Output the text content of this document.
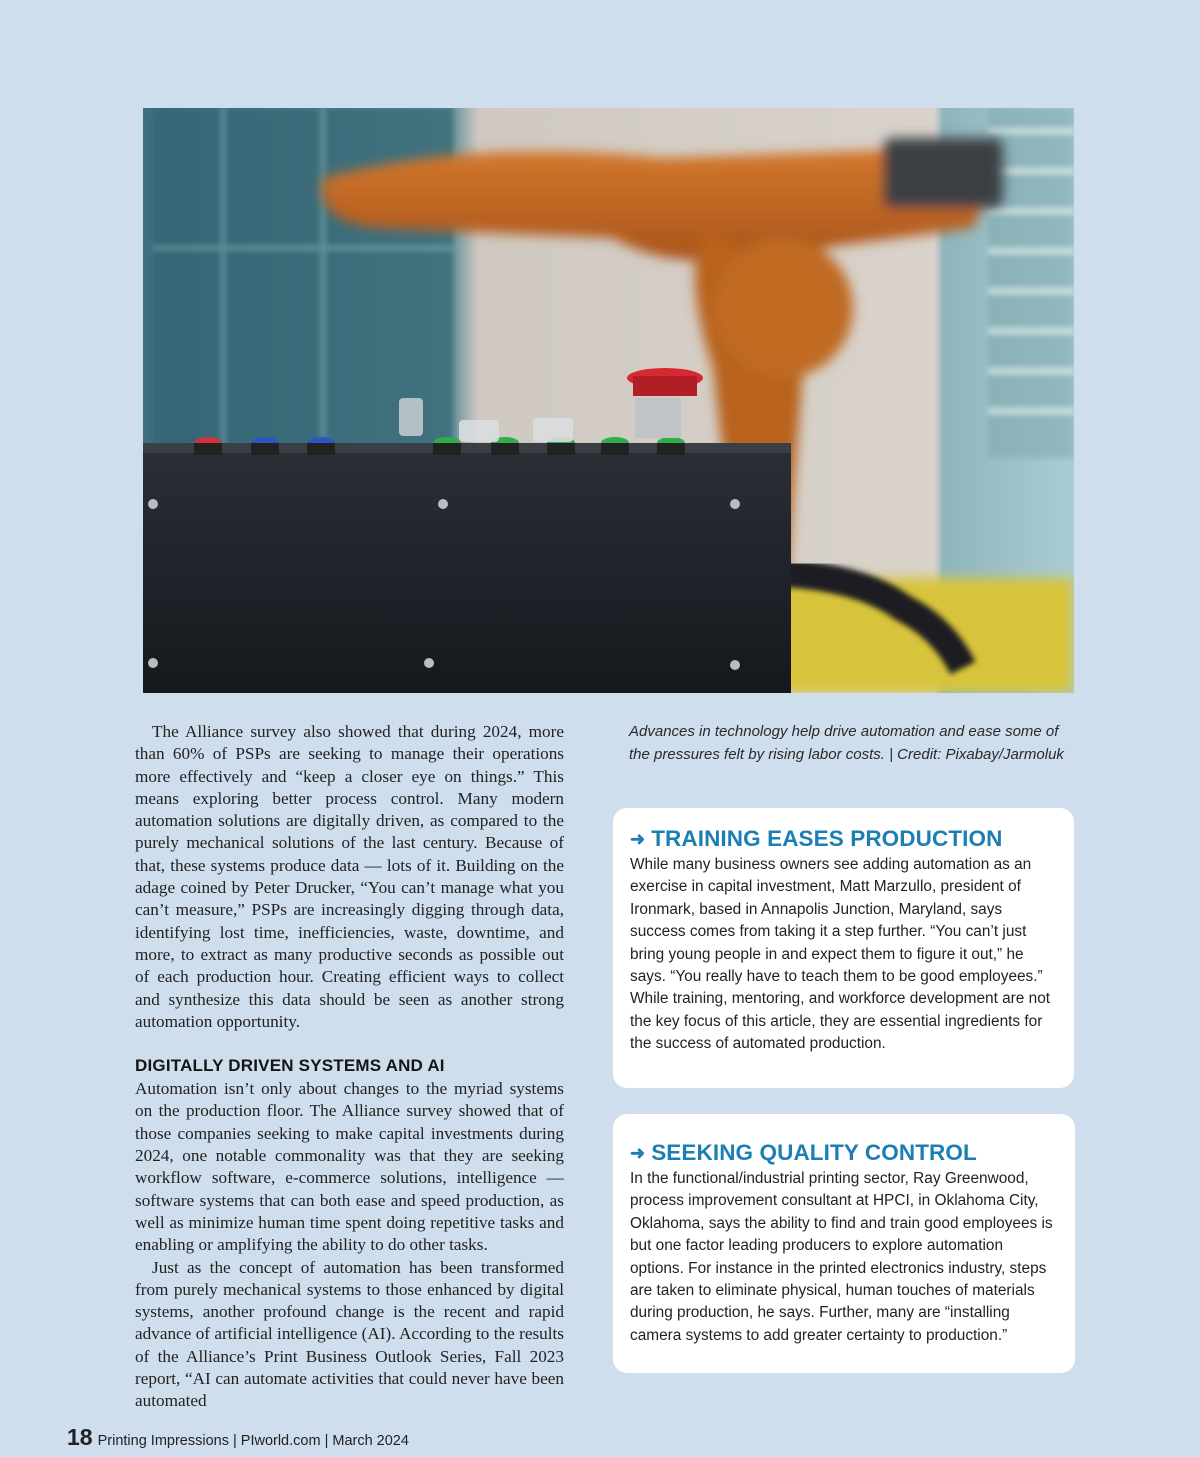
The Alliance survey also showed that during 2024, more than 60% of PSPs are seeking to manage their operations more effectively and “keep a closer eye on things.” This means exploring better process control. Many modern automation solutions are digitally driven, as compared to the purely mechanical solutions of the last century. Because of that, these systems produce data — lots of it. Building on the adage coined by Peter Drucker, “You can’t manage what you can’t measure,” PSPs are increasingly digging through data, identifying lost time, inefficiencies, waste, downtime, and more, to extract as many productive seconds as possible out of each production hour. Creating efficient ways to collect and synthesize this data should be seen as another strong automation opportunity.

DIGITALLY DRIVEN SYSTEMS AND AI

Automation isn’t only about changes to the myriad systems on the production floor. The Alliance survey showed that of those companies seeking to make capital investments during 2024, one notable commonality was that they are seeking workflow software, e-commerce solutions, intelligence — software systems that can both ease and speed production, as well as minimize human time spent doing repetitive tasks and enabling or amplifying the ability to do other tasks.

Just as the concept of automation has been transformed from purely mechanical systems to those enhanced by digital systems, another profound change is the recent and rapid advance of artificial intelligence (AI). According to the results of the Alliance’s Print Business Outlook Series, Fall 2023 report, “AI can automate activities that could never have been automated

Advances in technology help drive automation and ease some of the pressures felt by rising labor costs. | Credit: Pixabay/Jarmoluk
➜ TRAINING EASES PRODUCTION

While many business owners see adding automation as an exercise in capital investment, Matt Marzullo, president of Ironmark, based in Annapolis Junction, Maryland, says success comes from taking it a step further. “You can’t just bring young people in and expect them to figure it out,” he says. “You really have to teach them to be good employees.” While training, mentoring, and workforce development are not the key focus of this article, they are essential ingredients for the success of automated production.

➜ SEEKING QUALITY CONTROL

In the functional/industrial printing sector, Ray Greenwood, process improvement consultant at HPCI, in Oklahoma City, Oklahoma, says the ability to find and train good employees is but one factor leading producers to explore automation options. For instance in the printed electronics industry, steps are taken to eliminate physical, human touches of materials during production, he says. Further, many are “installing camera systems to add greater certainty to production.”

18 Printing Impressions | PIworld.com | March 2024
